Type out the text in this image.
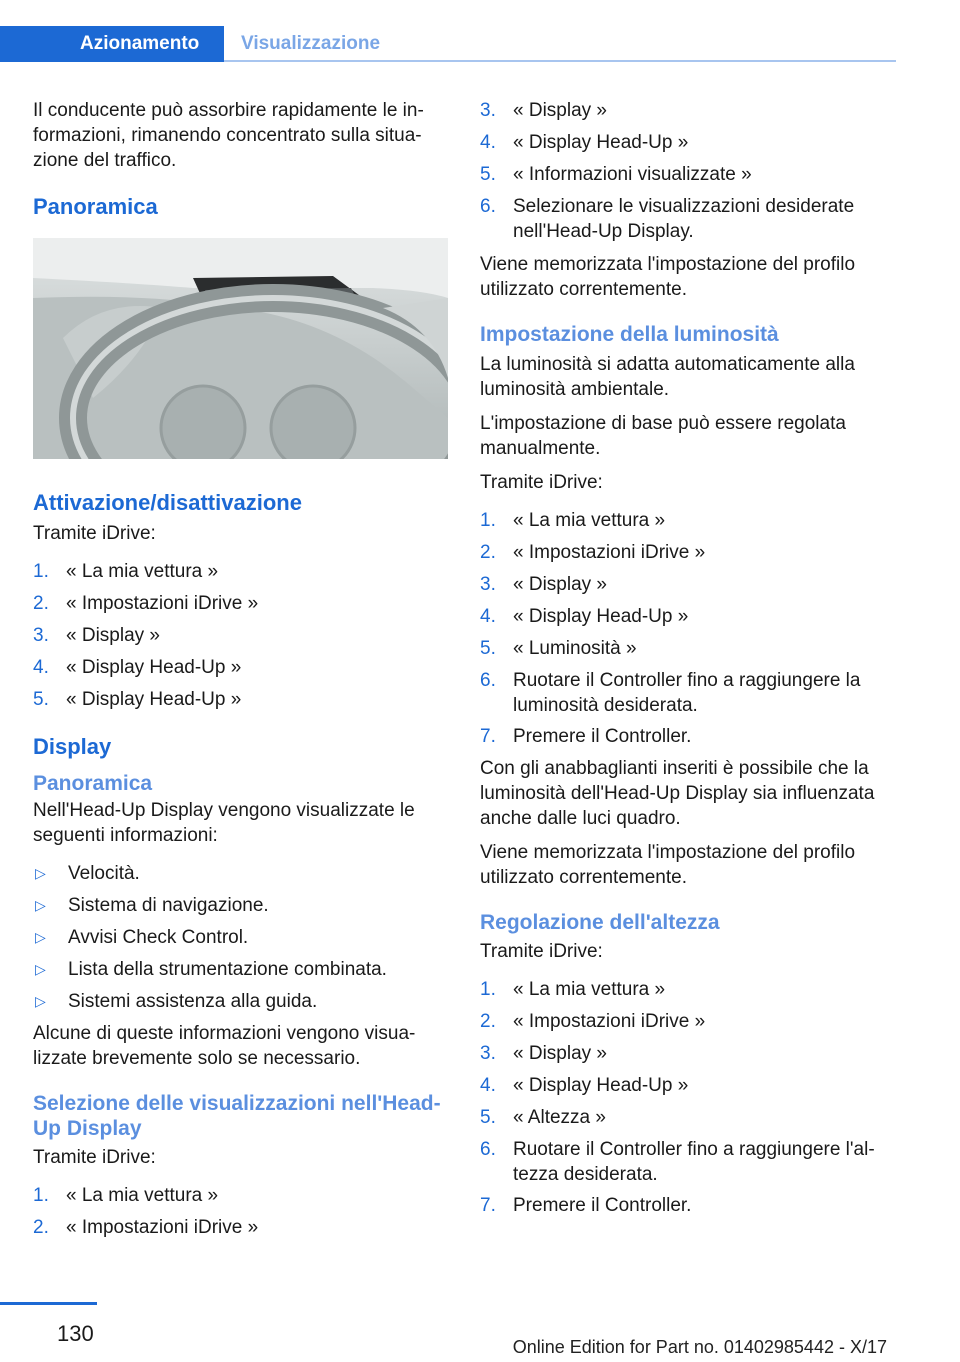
Azionamento	Visualizzazione

Il conducente può assorbire rapidamente le in-formazioni, rimanendo concentrato sulla situa-zione del traffico.

Panoramica
Attivazione/disattivazione

Tramite iDrive:

1. « La mia vettura »
2. « Impostazioni iDrive »
3. « Display »
4. « Display Head-Up »
5. « Display Head-Up »
Display
Panoramica

Nell'Head-Up Display vengono visualizzate le seguenti informazioni:

▷	Velocità.
▷	Sistema di navigazione.
▷	Avvisi Check Control.
▷	Lista della strumentazione combinata.
▷	Sistemi assistenza alla guida.

Alcune di queste informazioni vengono visua-lizzate brevemente solo se necessario.

Selezione delle visualizzazioni nell'Head-Up Display

Tramite iDrive:

1. « La mia vettura »
2. « Impostazioni iDrive »
3. « Display »
4. « Display Head-Up »
5. « Informazioni visualizzate »
6. Selezionare le visualizzazioni desiderate nell'Head-Up Display.

Viene memorizzata l'impostazione del profilo utilizzato correntemente.

Impostazione della luminosità

La luminosità si adatta automaticamente alla luminosità ambientale.

L'impostazione di base può essere regolata manualmente.

Tramite iDrive:

1. « La mia vettura »
2. « Impostazioni iDrive »
3. « Display »
4. « Display Head-Up »
5. « Luminosità »
6. Ruotare il Controller fino a raggiungere la luminosità desiderata.
7. Premere il Controller.

Con gli anabbaglianti inseriti è possibile che la luminosità dell'Head-Up Display sia influenzata anche dalle luci quadro.

Viene memorizzata l'impostazione del profilo utilizzato correntemente.

Regolazione dell'altezza

Tramite iDrive:

1. « La mia vettura »
2. « Impostazioni iDrive »
3. « Display »
4. « Display Head-Up »
5. « Altezza »
6. Ruotare il Controller fino a raggiungere l'al-tezza desiderata.
7. Premere il Controller.
130
Online Edition for Part no. 01402985442 - X/17
